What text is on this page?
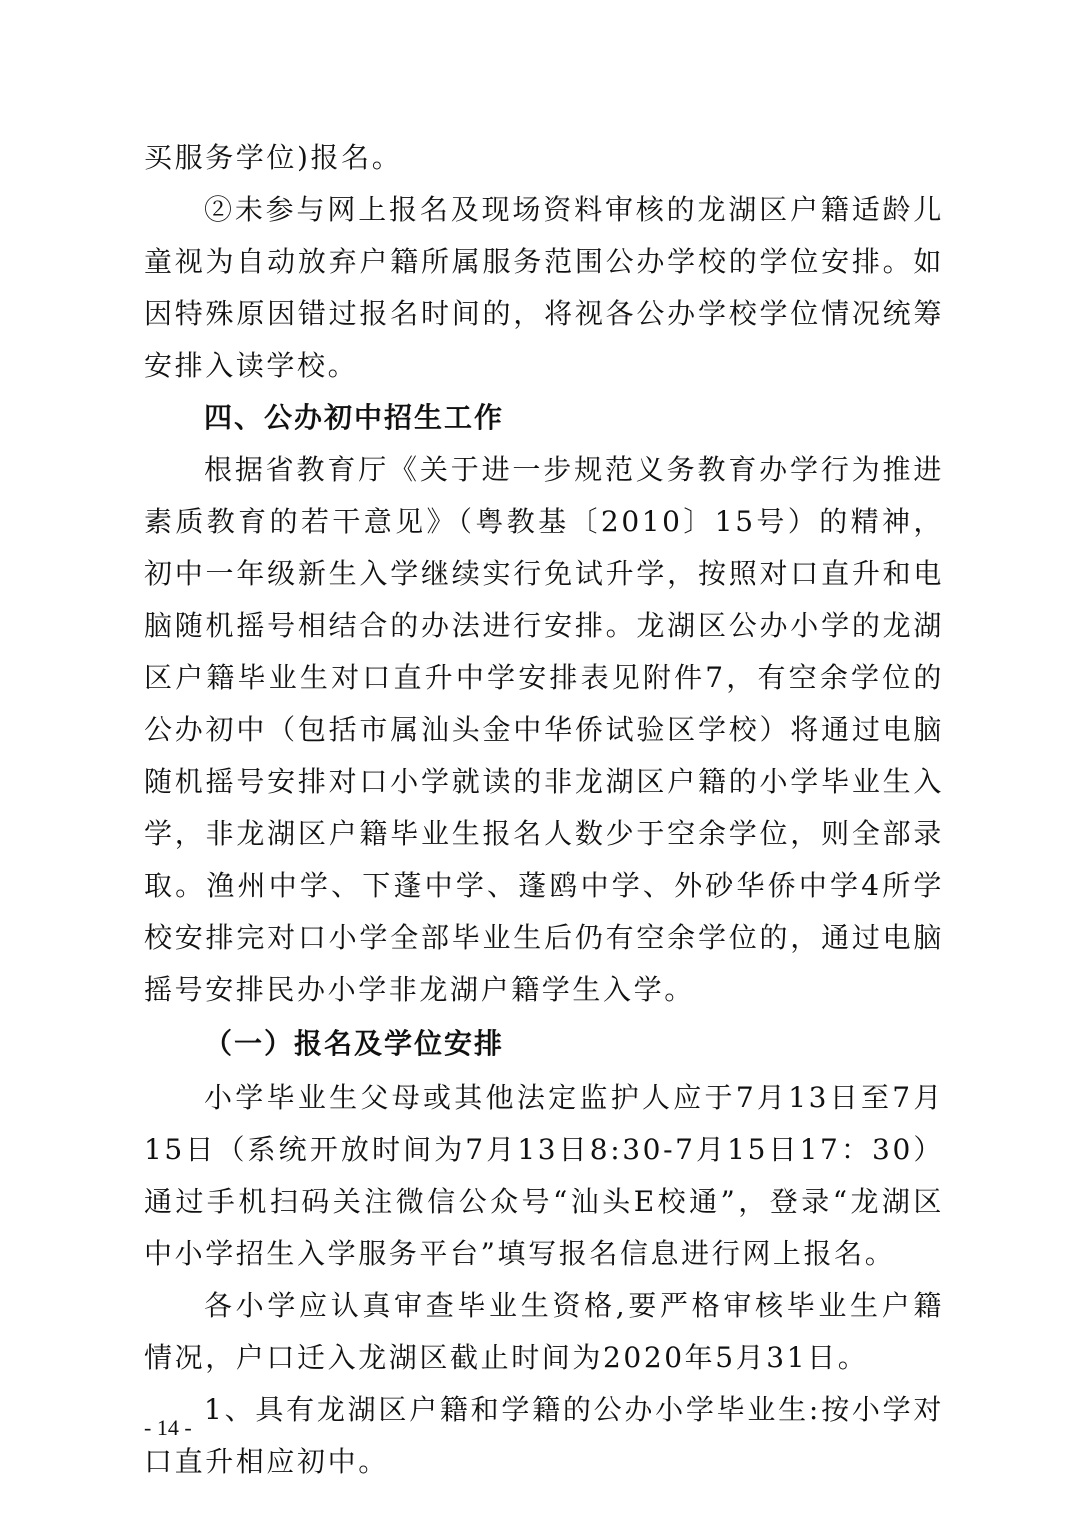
买服务学位)报名。

②未参与网上报名及现场资料审核的龙湖区户籍适龄儿童视为自动放弃户籍所属服务范围公办学校的学位安排。如因特殊原因错过报名时间的，将视各公办学校学位情况统筹安排入读学校。

四、公办初中招生工作

根据省教育厅《关于进一步规范义务教育办学行为推进素质教育的若干意见》（粤教基〔2010〕15号）的精神，初中一年级新生入学继续实行免试升学，按照对口直升和电脑随机摇号相结合的办法进行安排。龙湖区公办小学的龙湖区户籍毕业生对口直升中学安排表见附件7，有空余学位的公办初中（包括市属汕头金中华侨试验区学校）将通过电脑随机摇号安排对口小学就读的非龙湖区户籍的小学毕业生入学，非龙湖区户籍毕业生报名人数少于空余学位，则全部录取。渔州中学、下蓬中学、蓬鸥中学、外砂华侨中学4所学校安排完对口小学全部毕业生后仍有空余学位的，通过电脑摇号安排民办小学非龙湖户籍学生入学。

（一）报名及学位安排

小学毕业生父母或其他法定监护人应于7月13日至7月15日（系统开放时间为7月13日8:30-7月15日17：30）通过手机扫码关注微信公众号“汕头E校通”，登录“龙湖区中小学招生入学服务平台”填写报名信息进行网上报名。

各小学应认真审查毕业生资格,要严格审核毕业生户籍情况，户口迁入龙湖区截止时间为2020年5月31日。

1、具有龙湖区户籍和学籍的公办小学毕业生:按小学对口直升相应初中。

- 14 -
